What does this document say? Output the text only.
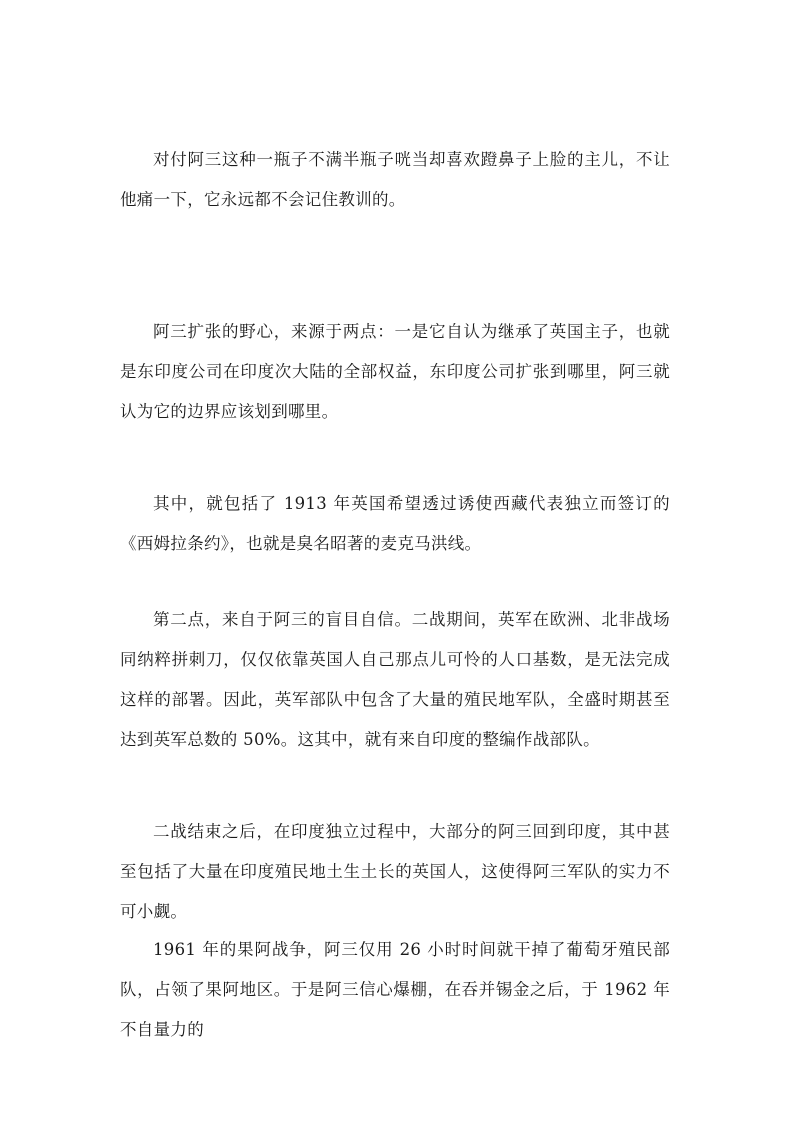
对付阿三这种一瓶子不满半瓶子咣当却喜欢蹬鼻子上脸的主儿，不让他痛一下，它永远都不会记住教训的。

阿三扩张的野心，来源于两点：一是它自认为继承了英国主子，也就是东印度公司在印度次大陆的全部权益，东印度公司扩张到哪里，阿三就认为它的边界应该划到哪里。

其中，就包括了 1913 年英国希望透过诱使西藏代表独立而签订的《西姆拉条约》，也就是臭名昭著的麦克马洪线。

第二点，来自于阿三的盲目自信。二战期间，英军在欧洲、北非战场同纳粹拼刺刀，仅仅依靠英国人自己那点儿可怜的人口基数，是无法完成这样的部署。因此，英军部队中包含了大量的殖民地军队，全盛时期甚至达到英军总数的 50%。这其中，就有来自印度的整编作战部队。

二战结束之后，在印度独立过程中，大部分的阿三回到印度，其中甚至包括了大量在印度殖民地土生土长的英国人，这使得阿三军队的实力不可小觑。

1961 年的果阿战争，阿三仅用 26 小时时间就干掉了葡萄牙殖民部队，占领了果阿地区。于是阿三信心爆棚，在吞并锡金之后，于 1962 年不自量力的
